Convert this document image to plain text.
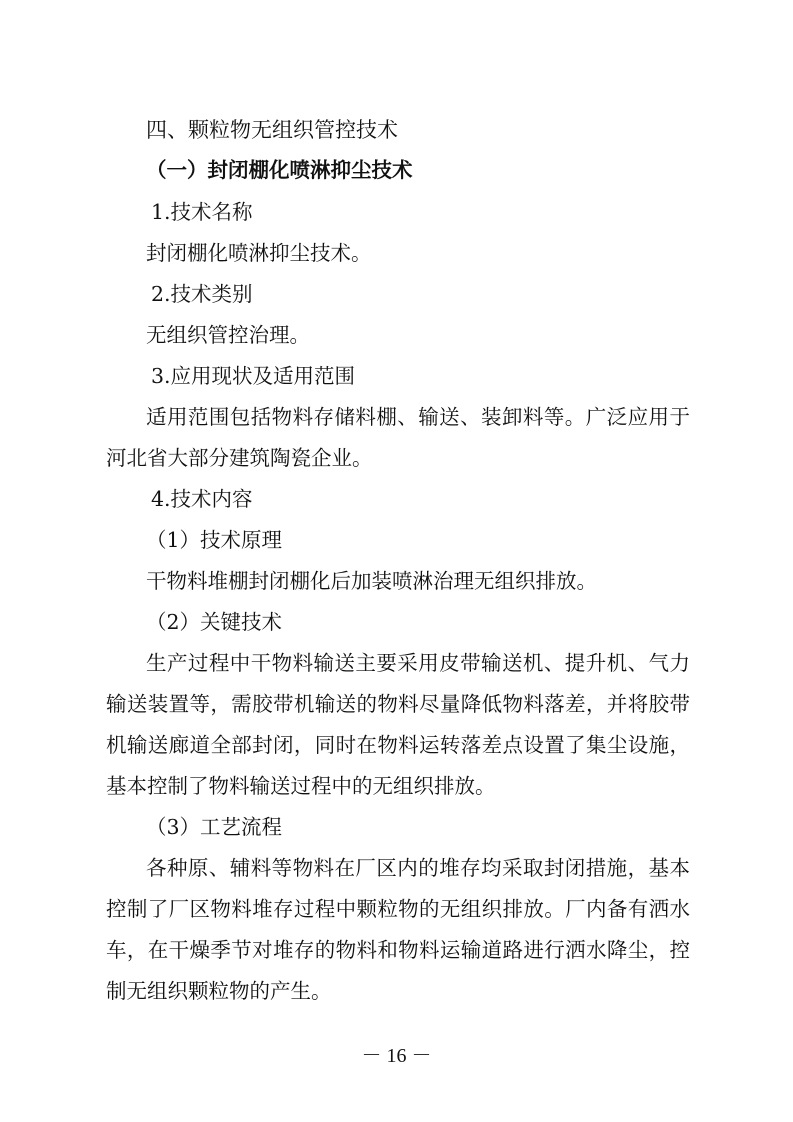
四、颗粒物无组织管控技术
（一）封闭棚化喷淋抑尘技术
1.技术名称
封闭棚化喷淋抑尘技术。
2.技术类别
无组织管控治理。
3.应用现状及适用范围
适用范围包括物料存储料棚、输送、装卸料等。广泛应用于
河北省大部分建筑陶瓷企业。
4.技术内容
（1）技术原理
干物料堆棚封闭棚化后加装喷淋治理无组织排放。
（2）关键技术
生产过程中干物料输送主要采用皮带输送机、提升机、气力
输送装置等，需胶带机输送的物料尽量降低物料落差，并将胶带
机输送廊道全部封闭，同时在物料运转落差点设置了集尘设施，
基本控制了物料输送过程中的无组织排放。
（3）工艺流程
各种原、辅料等物料在厂区内的堆存均采取封闭措施，基本
控制了厂区物料堆存过程中颗粒物的无组织排放。厂内备有洒水
车，在干燥季节对堆存的物料和物料运输道路进行洒水降尘，控
制无组织颗粒物的产生。
－ 16 －
